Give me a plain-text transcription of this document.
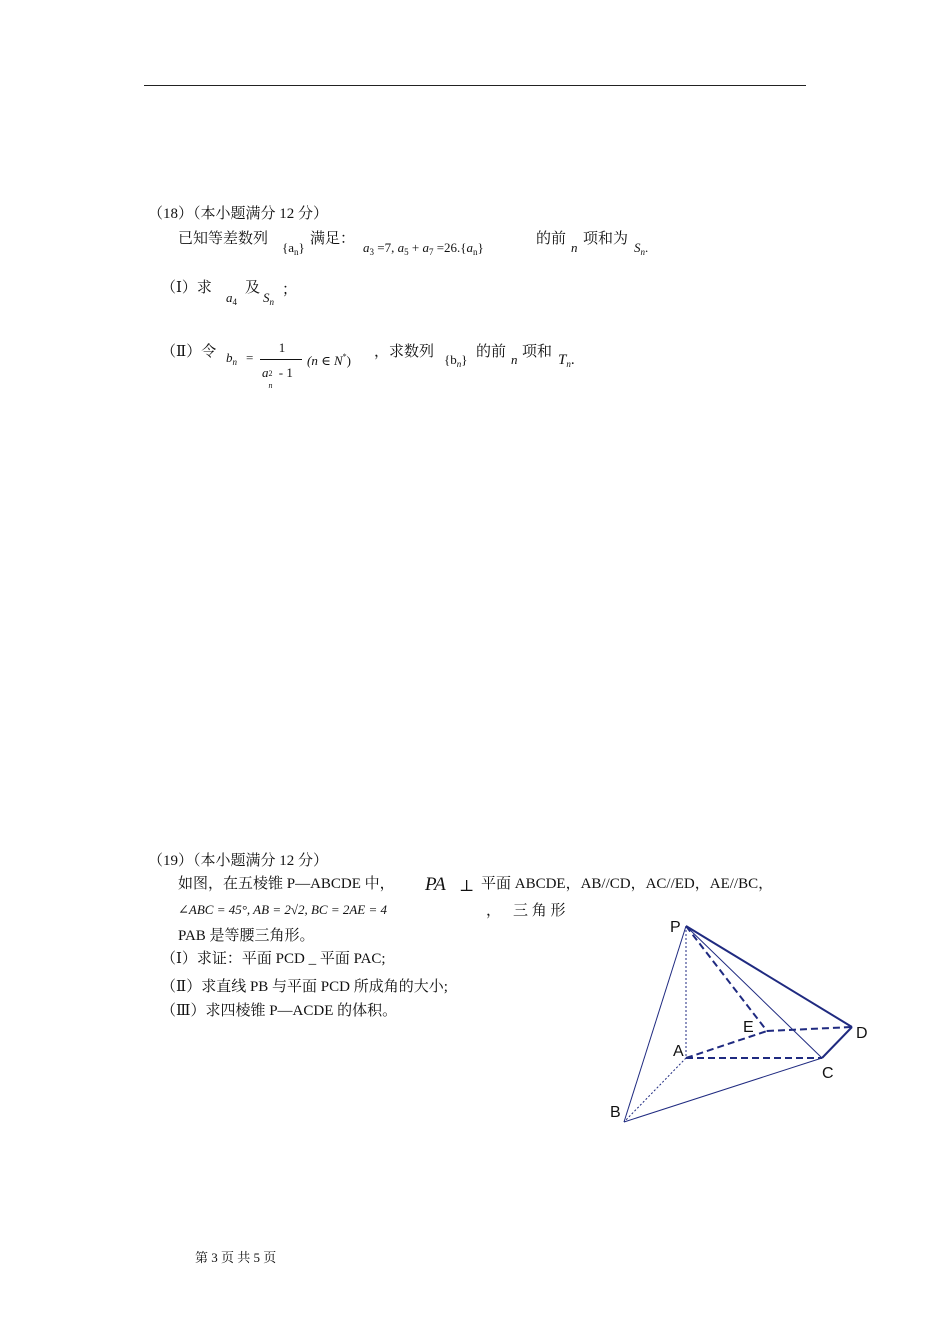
（18）（本小题满分 12 分）
已知等差数列
$\{a_n\}$
满足：
$a_3 =7$, $a_5 + a_7 =26.\{a_n\}$
的前
n
项和为
$S_n$.
（Ⅰ）求
$a_4$
及
$S_n$
；
（Ⅱ）令 $b_n$ =
1
a 2
n
- 1
(n ∈ N*)
，求数列 $\{b_n\}$ 的前 n 项和 $T_n$.
（19）（本小题满分 12 分）
如图，在五棱锥 P—ABCDE 中， PA ⊥ 平面 ABCDE，AB//CD，AC//ED，AE//BC，
∠ABC = 45°, AB = 2√2, BC = 2AE = 4	， 三 角 形
PAB 是等腰三角形。
（Ⅰ）求证：平面 PCD _ 平面 PAC;
（Ⅱ）求直线 PB 与平面 PCD 所成角的大小;
（Ⅲ）求四棱锥 P—ACDE 的体积。
P
A
B
C
D
E
第 3 页 共 5 页
